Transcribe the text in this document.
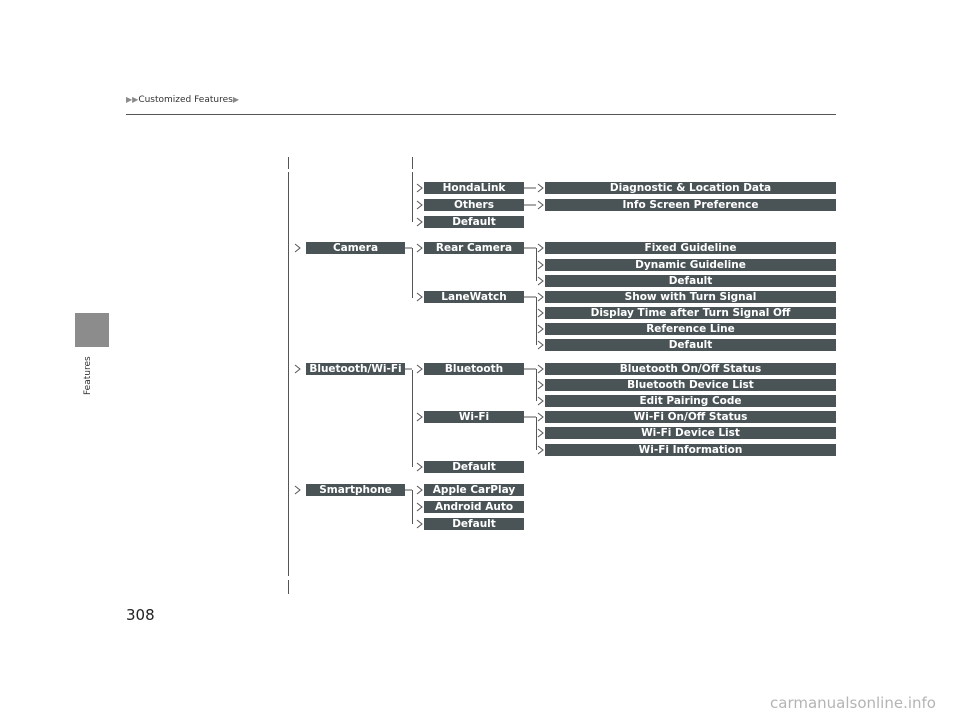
▶▶Customized Features▶
Features
Camera
Bluetooth/Wi-Fi
Smartphone
HondaLink
Others
Default
Rear Camera
LaneWatch
Bluetooth
Wi-Fi
Default
Apple CarPlay
Android Auto
Default
Diagnostic & Location Data
Info Screen Preference
Fixed Guideline
Dynamic Guideline
Default
Show with Turn Signal
Display Time after Turn Signal Off
Reference Line
Default
Bluetooth On/Off Status
Bluetooth Device List
Edit Pairing Code
Wi-Fi On/Off Status
Wi-Fi Device List
Wi-Fi Information
308
carmanualsonline.info
